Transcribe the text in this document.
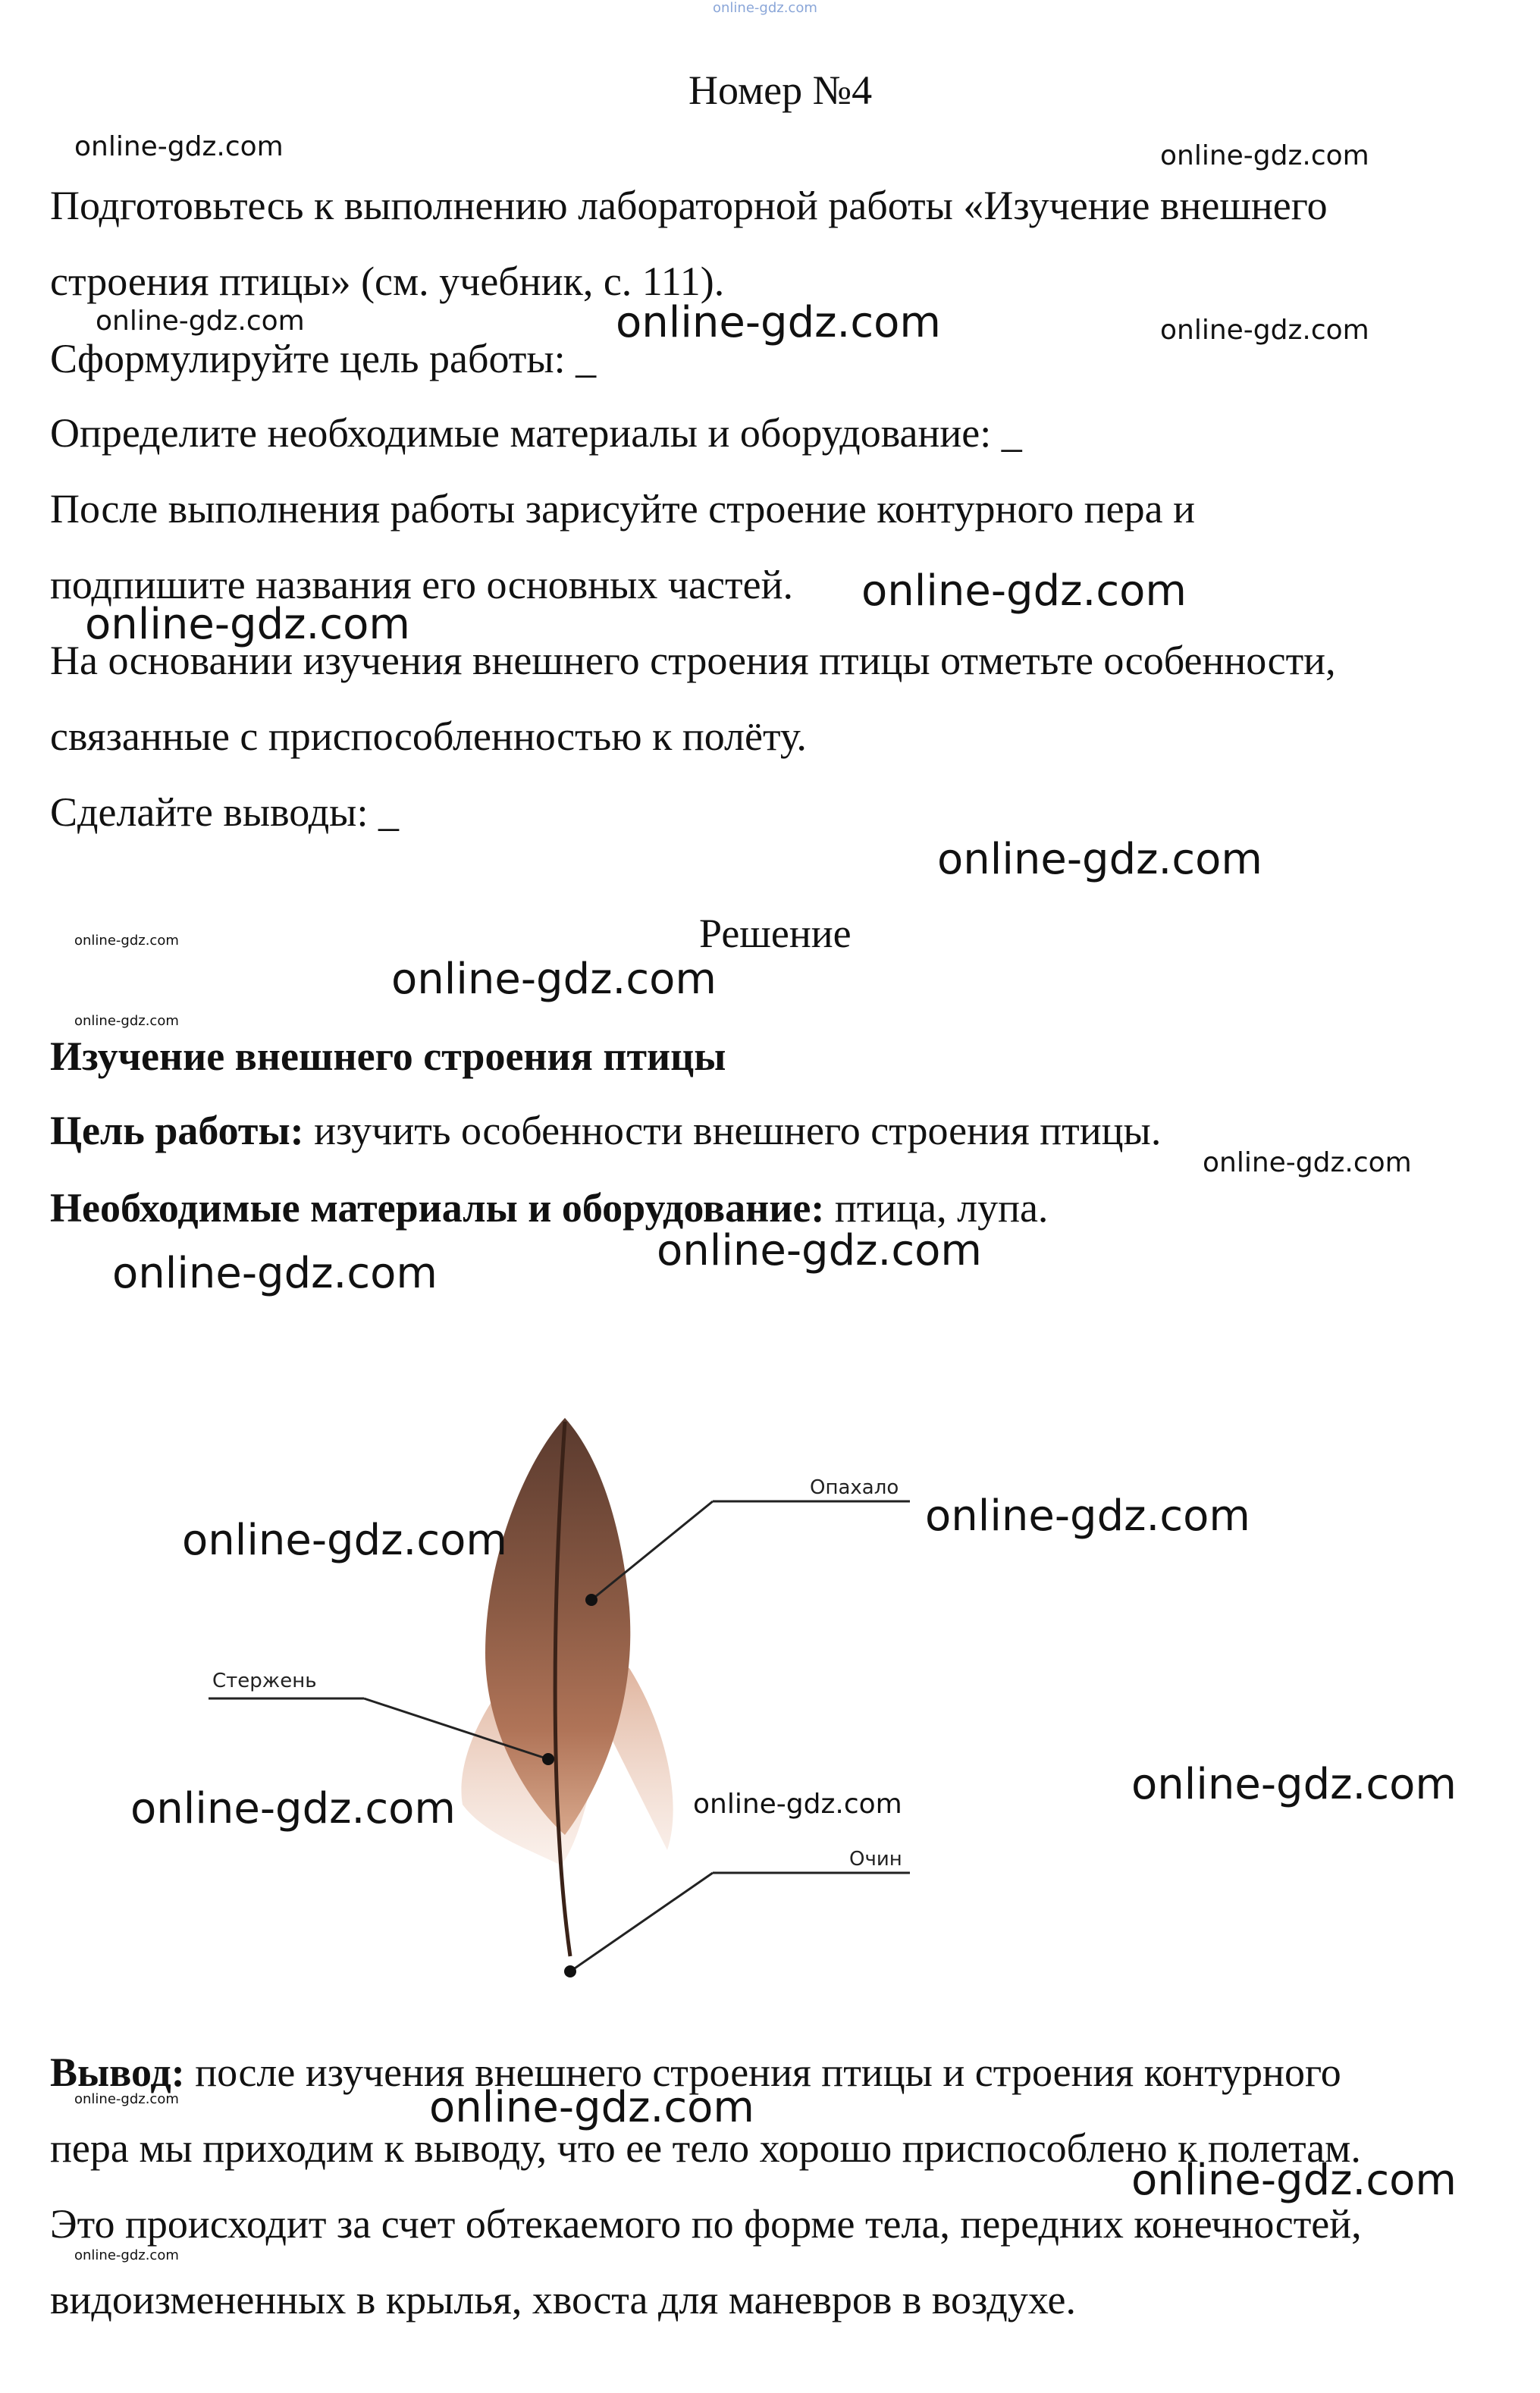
online-gdz.com
Номер №4
Подготовьтесь к выполнению лабораторной работы «Изучение внешнего
строения птицы» (см. учебник, с. 111).
Сформулируйте цель работы: _
Определите необходимые материалы и оборудование: _
После выполнения работы зарисуйте строение контурного пера и
подпишите названия его основных частей.
На основании изучения внешнего строения птицы отметьте особенности,
связанные с приспособленностью к полёту.
Сделайте выводы: _
Решение
Изучение внешнего строения птицы
Цель работы: изучить особенности внешнего строения птицы.
Необходимые материалы и оборудование: птица, лупа.
Опахало
Стержень
Очин
Вывод: после изучения внешнего строения птицы и строения контурного
пера мы приходим к выводу, что ее тело хорошо приспособлено к полетам.
Это происходит за счет обтекаемого по форме тела, передних конечностей,
видоизмененных в крылья, хвоста для маневров в воздухе.
online-gdz.com	online-gdz.com
online-gdz.com	online-gdz.com	online-gdz.com
online-gdz.com
online-gdz.com
online-gdz.com
online-gdz.com
online-gdz.com
online-gdz.com
online-gdz.com
online-gdz.com
online-gdz.com
online-gdz.com
online-gdz.com
online-gdz.com
online-gdz.com
online-gdz.com
online-gdz.com	online-gdz.com
online-gdz.com
online-gdz.com
